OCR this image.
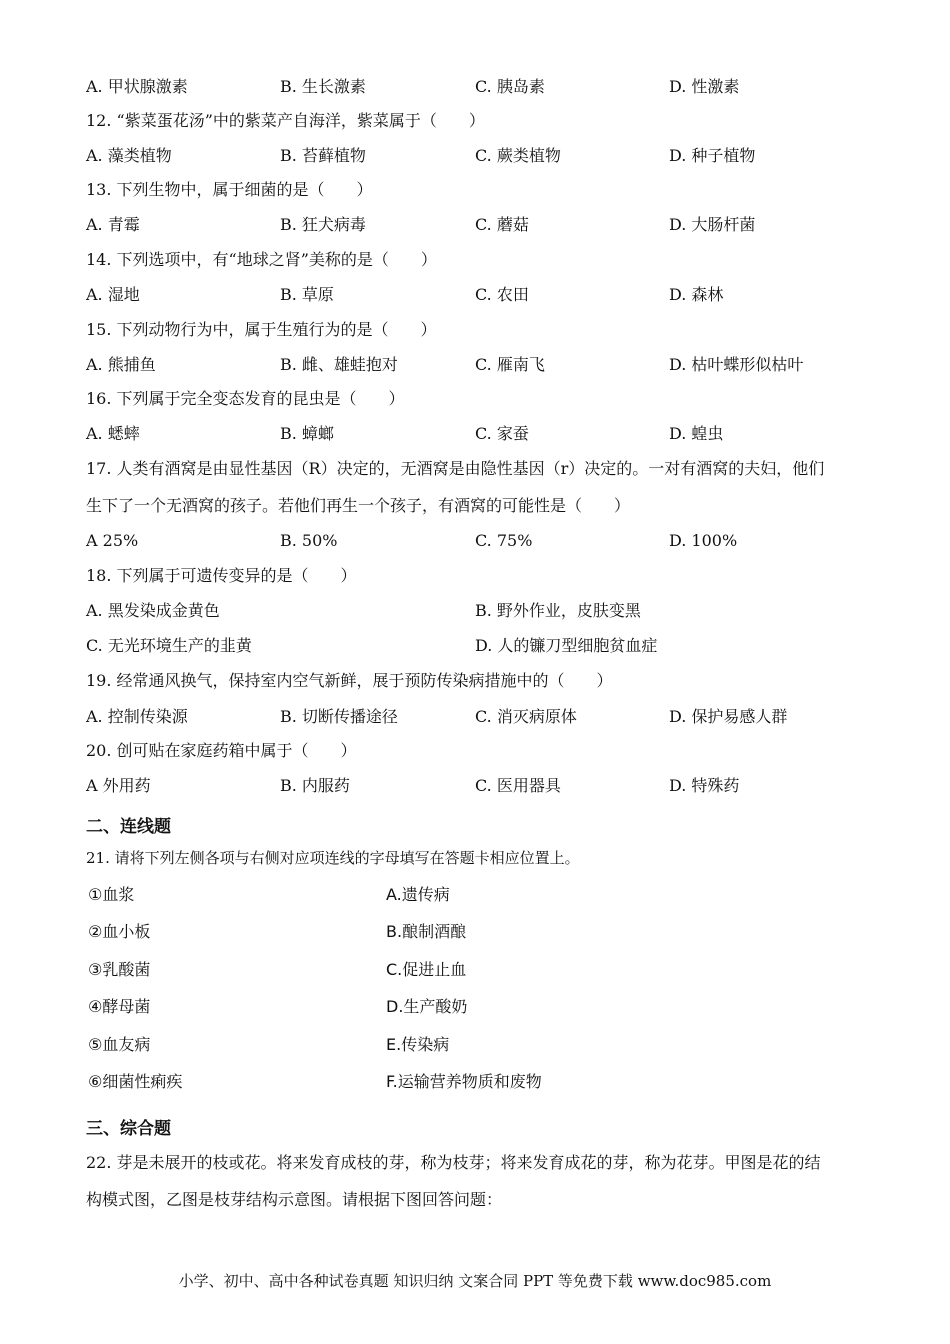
A. 甲状腺激素	B. 生长激素	C. 胰岛素	D. 性激素
12. “紫菜蛋花汤”中的紫菜产自海洋，紫菜属于（　　）
A. 藻类植物	B. 苔藓植物	C. 蕨类植物	D. 种子植物
13. 下列生物中，属于细菌的是（　　）
A. 青霉	B. 狂犬病毒	C. 蘑菇	D. 大肠杆菌
14. 下列选项中，有“地球之肾”美称的是（　　）
A. 湿地	B. 草原	C. 农田	D. 森林
15. 下列动物行为中，属于生殖行为的是（　　）
A. 熊捕鱼	B. 雌、雄蛙抱对	C. 雁南飞	D. 枯叶蝶形似枯叶
16. 下列属于完全变态发育的昆虫是（　　）
A. 蟋蟀	B. 蟑螂	C. 家蚕	D. 蝗虫
17. 人类有酒窝是由显性基因（R）决定的，无酒窝是由隐性基因（r）决定的。一对有酒窝的夫妇，他们
生下了一个无酒窝的孩子。若他们再生一个孩子，有酒窝的可能性是（　　）
A 25%	B. 50%	C. 75%	D. 100%
18. 下列属于可遗传变异的是（　　）
A. 黑发染成金黄色	B. 野外作业，皮肤变黑
C. 无光环境生产的韭黄	D. 人的镰刀型细胞贫血症
19. 经常通风换气，保持室内空气新鲜，展于预防传染病措施中的（　　）
A. 控制传染源	B. 切断传播途径	C. 消灭病原体	D. 保护易感人群
20. 创可贴在家庭药箱中属于（　　）
A 外用药	B. 内服药	C. 医用器具	D. 特殊药
二、连线题
21. 请将下列左侧各项与右侧对应项连线的字母填写在答题卡相应位置上。
①血浆	A.遗传病
②血小板	B.酿制酒酿
③乳酸菌	C.促进止血
④酵母菌	D.生产酸奶
⑤血友病	E.传染病
⑥细菌性痢疾	F.运输营养物质和废物
三、综合题
22. 芽是未展开的枝或花。将来发育成枝的芽，称为枝芽；将来发育成花的芽，称为花芽。甲图是花的结
构模式图，乙图是枝芽结构示意图。请根据下图回答问题：
小学、初中、高中各种试卷真题 知识归纳 文案合同 PPT 等免费下载 www.doc985.com
